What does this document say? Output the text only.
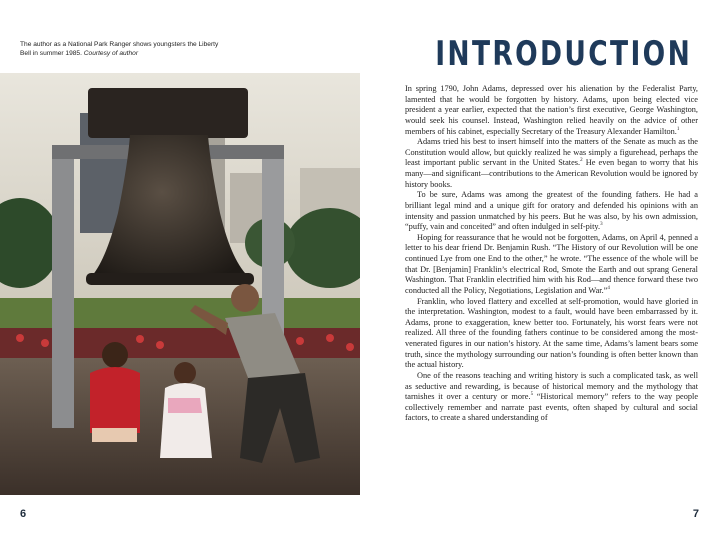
The author as a National Park Ranger shows youngsters the Liberty Bell in summer 1985. Courtesy of author
6
INTRODUCTION

In spring 1790, John Adams, depressed over his alienation by the Federalist Party, lamented that he would be forgotten by history. Adams, upon being elected vice president a year earlier, expected that the nation’s first executive, George Washington, would seek his counsel. Instead, Washington relied heavily on the advice of other members of his cabinet, especially Secretary of the Treasury Alexander Hamilton.$^1$

Adams tried his best to insert himself into the matters of the Senate as much as the Constitution would allow, but quickly realized he was simply a figurehead, perhaps the least important public servant in the United States.$^2$ He even began to worry that his many—and significant—contributions to the American Revolution would be ignored by history books.

To be sure, Adams was among the greatest of the founding fathers. He had a brilliant legal mind and a unique gift for oratory and defended his opinions with an intensity and passion unmatched by his peers. But he was also, by his own admission, “puffy, vain and conceited” and often indulged in self-pity.$^3$

Hoping for reassurance that he would not be forgotten, Adams, on April 4, penned a letter to his dear friend Dr. Benjamin Rush. “The History of our Revolution will be one continued Lye from one End to the other,” he wrote. “The essence of the whole will be that Dr. [Benjamin] Franklin’s electrical Rod, Smote the Earth and out sprang General Washington. That Franklin electrified him with his Rod—and thence forward these two conducted all the Policy, Negotiations, Legislation and War.”$^4$

Franklin, who loved flattery and excelled at self-promotion, would have gloried in the interpretation. Washington, modest to a fault, would have been embarrassed by it. Adams, prone to exaggeration, knew better too. Fortunately, his worst fears were not realized. All three of the founding fathers continue to be considered among the most-venerated figures in our nation’s history. At the same time, Adams’s lament bears some truth, since the mythology surrounding our nation’s founding is often better known than the actual history.

One of the reasons teaching and writing history is such a complicated task, as well as seductive and rewarding, is because of historical memory and the mythology that tarnishes it over a century or more.$^5$ “Historical memory” refers to the way people collectively remember and narrate past events, often shaped by cultural and social factors, to create a shared understanding of

7
